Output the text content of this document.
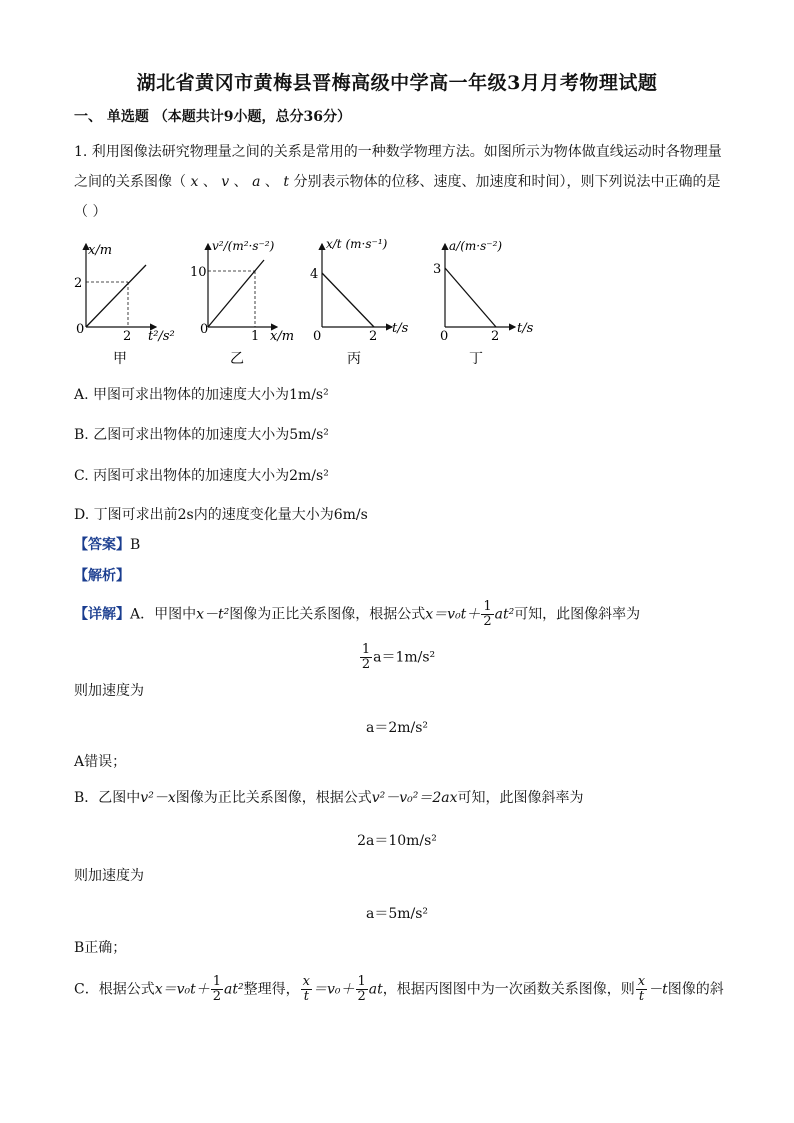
湖北省黄冈市黄梅县晋梅高级中学高一年级3月月考物理试题
一、 单选题 （本题共计9小题，总分36分）
1. 利用图像法研究物理量之间的关系是常用的一种数学物理方法。如图所示为物体做直线运动时各物理量
之间的关系图像（ x 、 v 、 a 、 t 分别表示物体的位移、速度、加速度和时间），则下列说法中正确的是
（ ）
x/m
2
0	2 t²/s²
甲
v²/(m²·s⁻²)
10
0	1 x/m
乙
x/t (m·s⁻¹)
4
0	2
t/s
丙
a/(m·s⁻²)
3
0	2
t/s
丁
A. 甲图可求出物体的加速度大小为1m/s²
B. 乙图可求出物体的加速度大小为5m/s²
C. 丙图可求出物体的加速度大小为2m/s²
D. 丁图可求出前2s内的速度变化量大小为6m/s
【答案】B
【解析】
【详解】A．甲图中x－t²图像为正比关系图像，根据公式$x=v_0t+ \frac{1}{2} at^2$可知，此图像斜率为
$\frac{1}{2} a=1m/s^2$
则加速度为
a＝2m/s²
A错误；
B．乙图中v²－x图像为正比关系图像，根据公式v²－v₀²＝2ax可知，此图像斜率为
2a＝10m/s²
则加速度为
a＝5m/s²
B正确；
C．根据公式$x=v_0t+ \frac{1}{2} at^2$整理得， $\frac{x}{t} =v_0+ \frac{1}{2}$ at，根据丙图图中为一次函数关系图像，则 $\frac{x}{t} -t$图像的斜
